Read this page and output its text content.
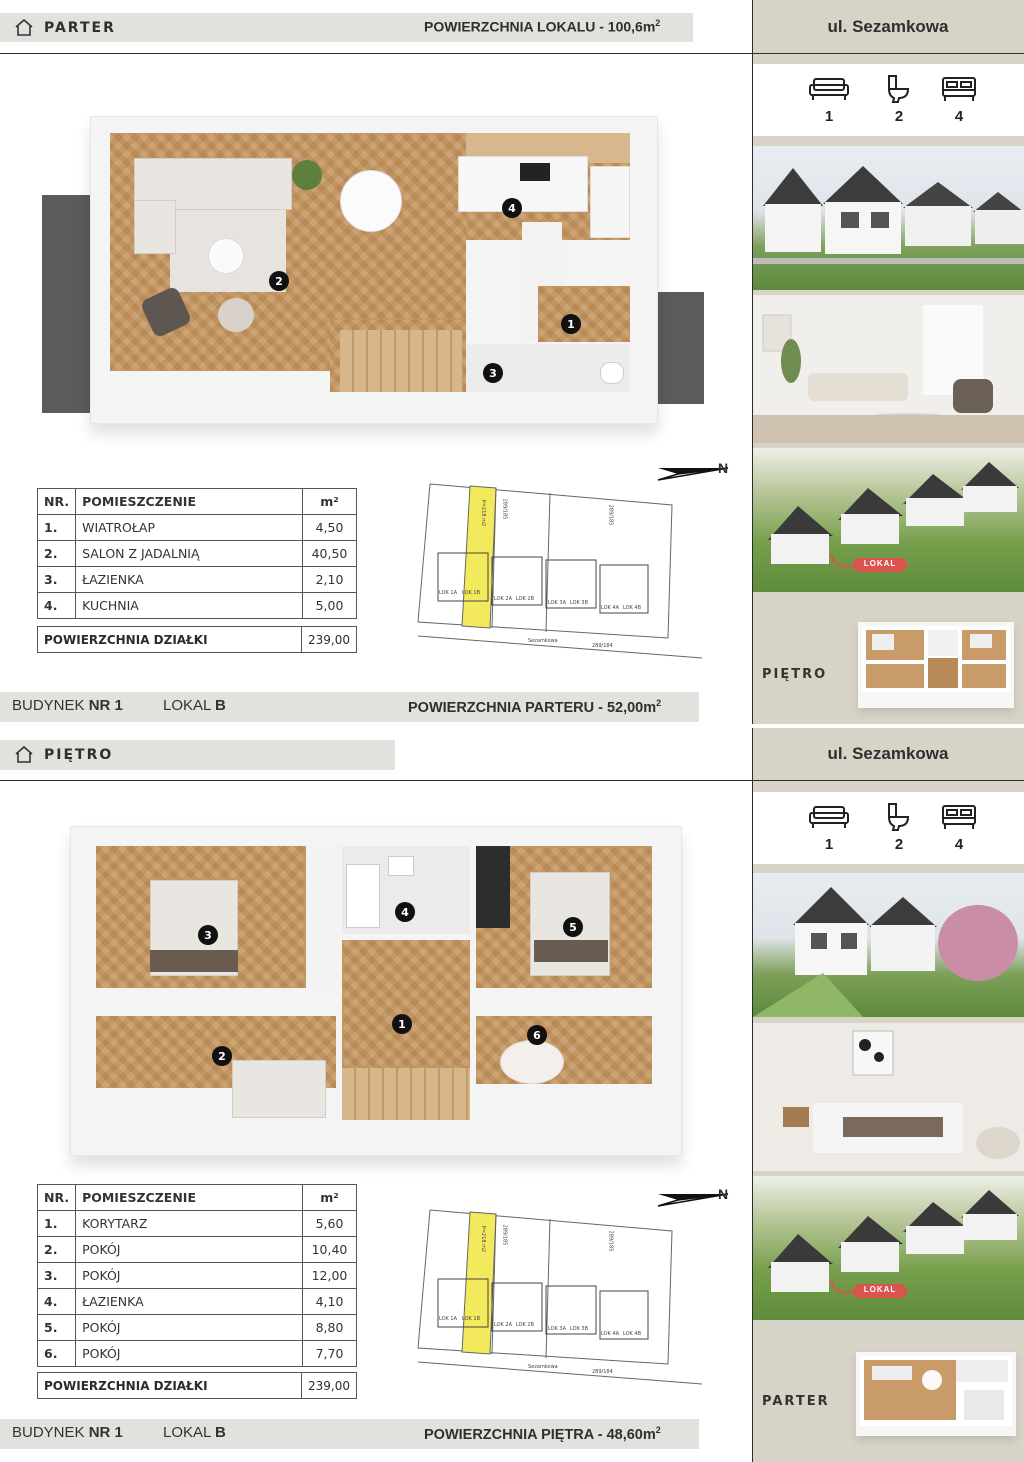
PARTER	POWIERZCHNIA LOKALU - $100,6m^2$	ul. Sezamkowa
1	2	4
LOKAL
PIĘTRO
1
2
3
4
NR.	POMIESZCZENIE	m²
1.	WIATROŁAP	4,50
2.	SALON Z JADALNIĄ	40,50
3.	ŁAZIENKA	2,10
4.	KUCHNIA	5,00
POWIERZCHNIA DZIAŁKI	239,00
N
LOK 1A LOK 1B
LOK 2A LOK 2B
LOK 3A LOK 3B
LOK 4A LOK 4B
Sezamkowa
289/184
P=218 m2	289/185	289/185
BUDYNEK NR 1	LOKAL B	POWIERZCHNIA PARTERU - $52,00m^2$
PIĘTRO	ul. Sezamkowa
1	2	4
LOKAL
PARTER
1
2
3
4
5
6
NR.	POMIESZCZENIE	m²
1.	KORYTARZ	5,60
2.	POKÓJ	10,40
3.	POKÓJ	12,00
4.	ŁAZIENKA	4,10
5.	POKÓJ	8,80
6.	POKÓJ	7,70
POWIERZCHNIA DZIAŁKI	239,00
N
LOK 1A LOK 1B
LOK 2A LOK 2B
LOK 3A LOK 3B
LOK 4A LOK 4B
Sezamkowa
289/184
P=218 m2	289/185	289/185
BUDYNEK NR 1	LOKAL B	POWIERZCHNIA PIĘTRA - $48,60m^2$
